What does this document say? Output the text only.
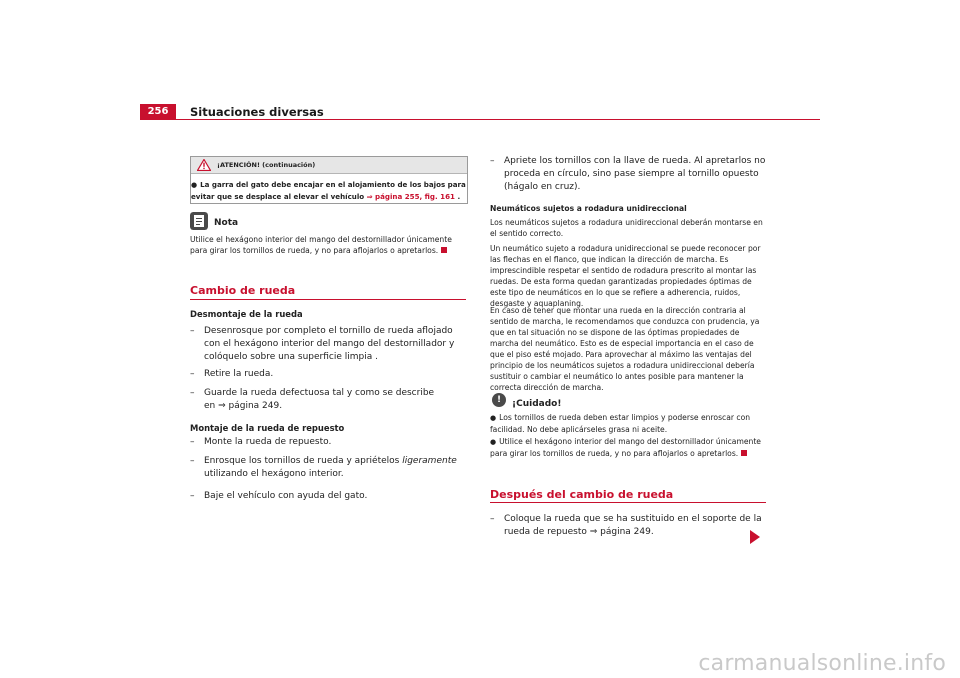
256	Situaciones diversas
¡ATENCIÓN! (continuación)
● La garra del gato debe encajar en el alojamiento de los bajos para evitar que se desplace al elevar el vehículo ⇒ página 255, fig. 161 .
Nota
Utilice el hexágono interior del mango del destornillador únicamente para girar los tornillos de rueda, y no para aflojarlos o apretarlos.
Cambio de rueda
Desmontaje de la rueda
– Desenrosque por completo el tornillo de rueda aflojado con el hexágono interior del mango del destornillador y colóquelo sobre una superficie limpia .
– Retire la rueda.
– Guarde la rueda defectuosa tal y como se describe en ⇒ página 249.
Montaje de la rueda de repuesto
– Monte la rueda de repuesto.
– Enrosque los tornillos de rueda y apriételos ligeramente utilizando el hexágono interior.
– Baje el vehículo con ayuda del gato.
– Apriete los tornillos con la llave de rueda. Al apretarlos no proceda en círculo, sino pase siempre al tornillo opuesto (hágalo en cruz).
Neumáticos sujetos a rodadura unidireccional
Los neumáticos sujetos a rodadura unidireccional deberán montarse en el sentido correcto.
Un neumático sujeto a rodadura unidireccional se puede reconocer por las flechas en el flanco, que indican la dirección de marcha. Es imprescindible respetar el sentido de rodadura prescrito al montar las ruedas. De esta forma quedan garantizadas propiedades óptimas de este tipo de neumáticos en lo que se refiere a adherencia, ruidos, desgaste y aquaplaning.
En caso de tener que montar una rueda en la dirección contraria al sentido de marcha, le recomendamos que conduzca con prudencia, ya que en tal situación no se dispone de las óptimas propiedades de marcha del neumático. Esto es de especial importancia en el caso de que el piso esté mojado. Para aprovechar al máximo las ventajas del principio de los neumáticos sujetos a rodadura unidireccional debería sustituir o cambiar el neumático lo antes posible para mantener la correcta dirección de marcha.
!	¡Cuidado!
● Los tornillos de rueda deben estar limpios y poderse enroscar con facilidad. No debe aplicárseles grasa ni aceite.
● Utilice el hexágono interior del mango del destornillador únicamente para girar los tornillos de rueda, y no para aflojarlos o apretarlos.
Después del cambio de rueda
– Coloque la rueda que se ha sustituido en el soporte de la rueda de repuesto ⇒ página 249.
carmanualsonline.info
